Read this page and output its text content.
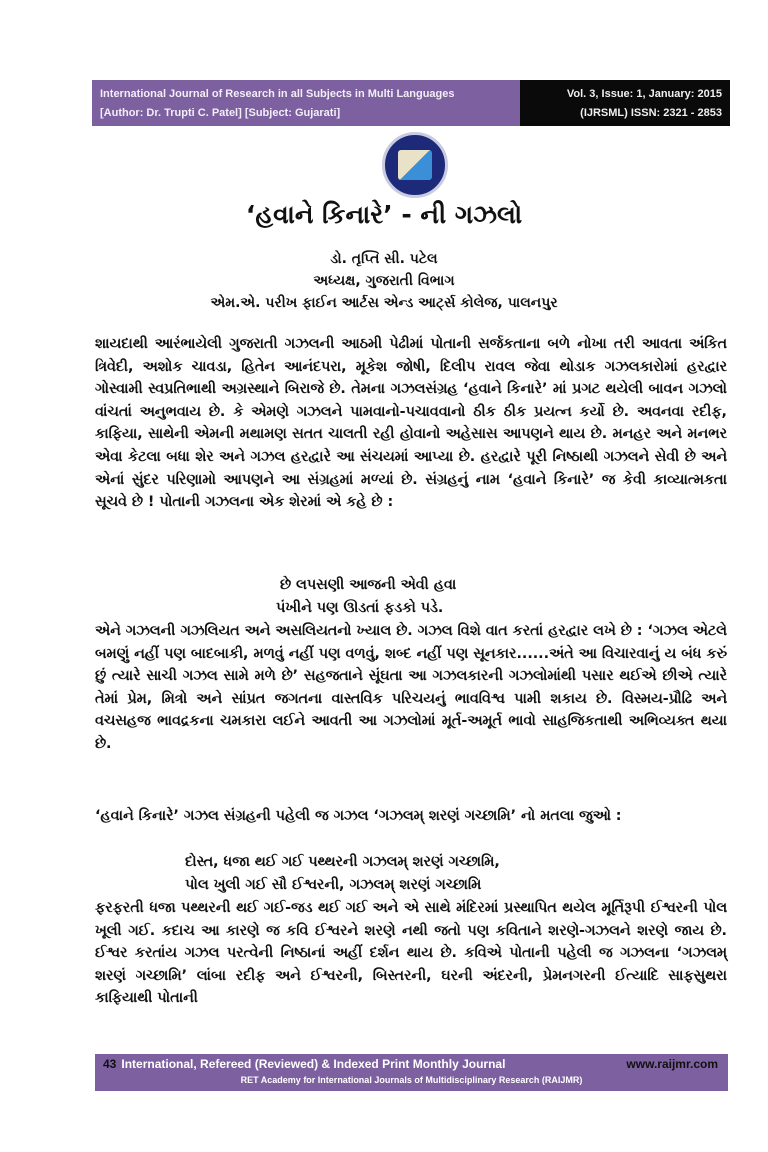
International Journal of Research in all Subjects in Multi Languages
[Author: Dr. Trupti C. Patel] [Subject: Gujarati]
Vol. 3, Issue: 1, January: 2015
(IJRSML) ISSN: 2321 - 2853
‘હવાને કિનારે’ - ની ગઝલો
ડો. તૃપ્તિ સી. પટેલ
અધ્યક્ષ, ગુજરાતી વિભાગ
એમ.એ. પરીખ ફાઈન આર્ટસ એન્ડ આર્ટ્સ કોલેજ, પાલનપુર
શાયદાથી આરંભાયેલી ગુજરાતી ગઝલની આઠમી પેઢીમાં પોતાની સર્જકતાના બળે નોખા તરી આવતા અંકિત ત્રિવેદી, અશોક ચાવડા, હિતેન આનંદપરા, મૂકેશ જોષી, દિલીપ રાવલ જેવા થોડાક ગઝલકારોમાં હરદ્વાર ગોસ્વામી સ્વપ્રતિભાથી અગ્રસ્થાને બિરાજે છે. તેમના ગઝલસંગ્રહ ‘હવાને કિનારે’ માં પ્રગટ થયેલી બાવન ગઝલો વાંચતાં અનુભવાય છે. કે એમણે ગઝલને પામવાનો-પચાવવાનો ઠીક ઠીક પ્રયત્ન કર્યો છે. અવનવા રદીફ, કાફિયા, સાથેની એમની મથામણ સતત ચાલતી રહી હોવાનો અહેસાસ આપણને થાય છે. મનહર અને મનભર એવા કેટલા બધા શેર અને ગઝલ હરદ્વારે આ સંચયમાં આપ્યા છે. હરદ્વારે પૂરી નિષ્ઠાથી ગઝલને સેવી છે અને એનાં સુંદર પરિણામો આપણને આ સંગ્રહમાં મળ્યાં છે. સંગ્રહનું નામ ‘હવાને કિનારે’ જ કેવી કાવ્યાત્મકતા સૂચવે છે ! પોતાની ગઝલના એક શેરમાં એ કહે છે :
છે લપસણી આજની એવી હવા
પંખીને પણ ઊડતાં ફડકો પડે.
એને ગઝલની ગઝલિયત અને અસલિયતનો ખ્યાલ છે. ગઝલ વિશે વાત કરતાં હરદ્વાર લખે છે : ‘ગઝલ એટલે બમણું નહીં પણ બાદબાકી, મળવું નહીં પણ વળવું, શબ્દ નહીં પણ સૂનકાર......અંતે આ વિચારવાનું ય બંધ કરું છું ત્યારે સાચી ગઝલ સામે મળે છે’ સહજતાને સૂંઘતા આ ગઝલકારની ગઝલોમાંથી પસાર થઈએ છીએ ત્યારે તેમાં પ્રેમ, મિત્રો અને સાંપ્રત જગતના વાસ્તવિક પરિચયનું ભાવવિશ્વ પામી શકાય છે. વિસ્મય-પ્રૌઢિ અને વચસહજ ભાવદ્રકના ચમકારા લઈને આવતી આ ગઝલોમાં મૂર્ત-અમૂર્ત ભાવો સાહજિકતાથી અભિવ્યક્ત થયા છે.
‘હવાને કિનારે’ ગઝલ સંગ્રહની પહેલી જ ગઝલ ‘ગઝલમ્ શરણં ગચ્છામિ’ નો મતલા જુઓ :
દોસ્ત, ધજા થઈ ગઈ પથ્થરની ગઝલમ્ શરણં ગચ્છામિ,
પોલ ખુલી ગઈ સૌ ઈશ્વરની, ગઝલમ્ શરણં ગચ્છામિ
ફરફરતી ધજા પથ્થરની થઈ ગઈ-જડ થઈ ગઈ અને એ સાથે મંદિરમાં પ્રસ્થાપિત થયેલ મૂર્તિરૂપી ઈશ્વરની પોલ ખૂલી ગઈ. કદાચ આ કારણે જ કવિ ઈશ્વરને શરણે નથી જતો પણ કવિતાને શરણે-ગઝલને શરણે જાય છે. ઈશ્વર કરતાંય ગઝલ પરત્વેની નિષ્ઠાનાં અહીં દર્શન થાય છે. કવિએ પોતાની પહેલી જ ગઝલના ‘ગઝલમ્ શરણં ગચ્છામિ’ લાંબા રદીફ અને ઈશ્વરની, બિસ્તરની, ઘરની અંદરની, પ્રેમનગરની ઈત્યાદિ સાફસુથરા કાફિયાથી પોતાની
43 International, Refereed (Reviewed) & Indexed Print Monthly Journal	www.raijmr.com
RET Academy for International Journals of Multidisciplinary Research (RAIJMR)
